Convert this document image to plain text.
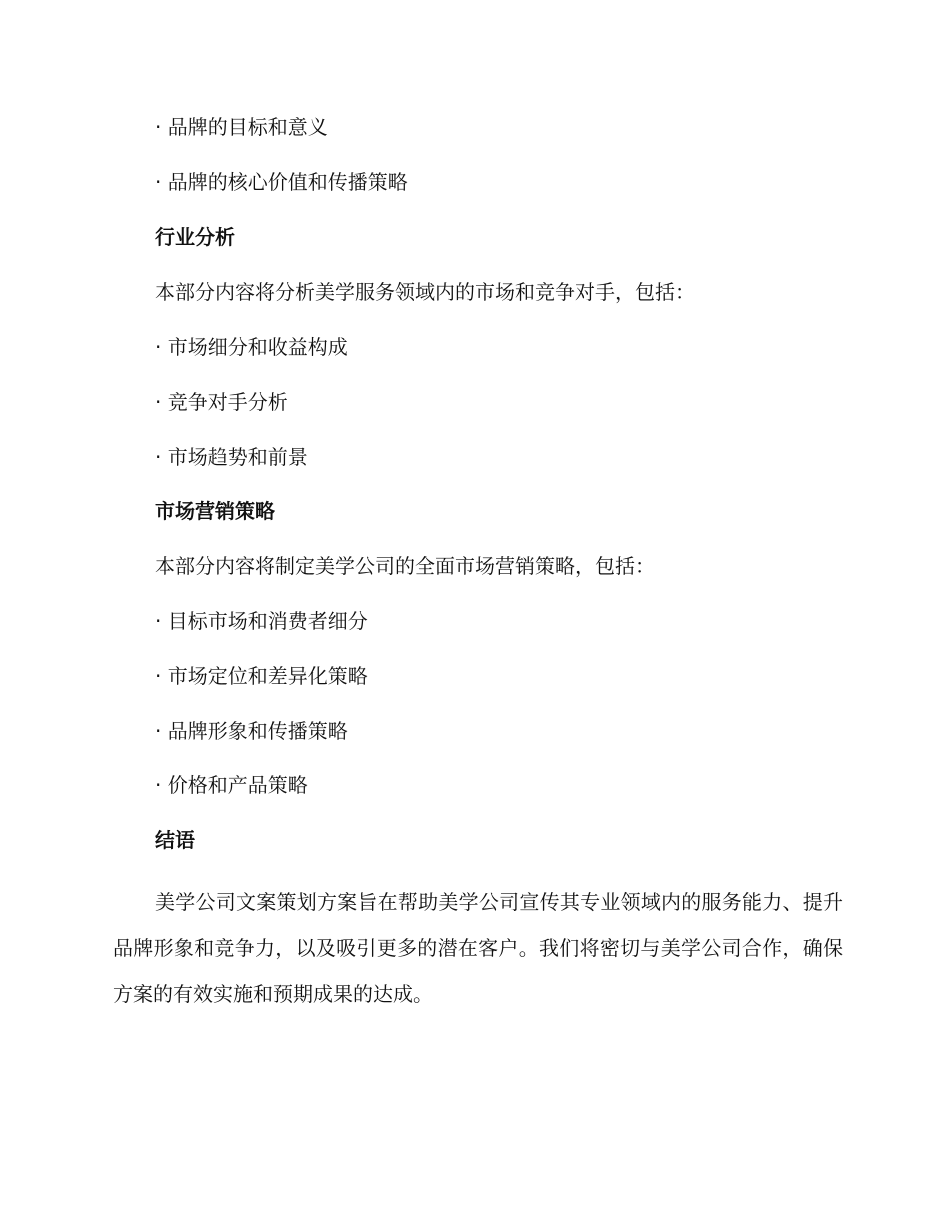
· 品牌的目标和意义
· 品牌的核心价值和传播策略
行业分析
本部分内容将分析美学服务领域内的市场和竞争对手，包括：
· 市场细分和收益构成
· 竞争对手分析
· 市场趋势和前景
市场营销策略
本部分内容将制定美学公司的全面市场营销策略，包括：
· 目标市场和消费者细分
· 市场定位和差异化策略
· 品牌形象和传播策略
· 价格和产品策略
结语

美学公司文案策划方案旨在帮助美学公司宣传其专业领域内的服务能力、提升品牌形象和竞争力，以及吸引更多的潜在客户。我们将密切与美学公司合作，确保方案的有效实施和预期成果的达成。
